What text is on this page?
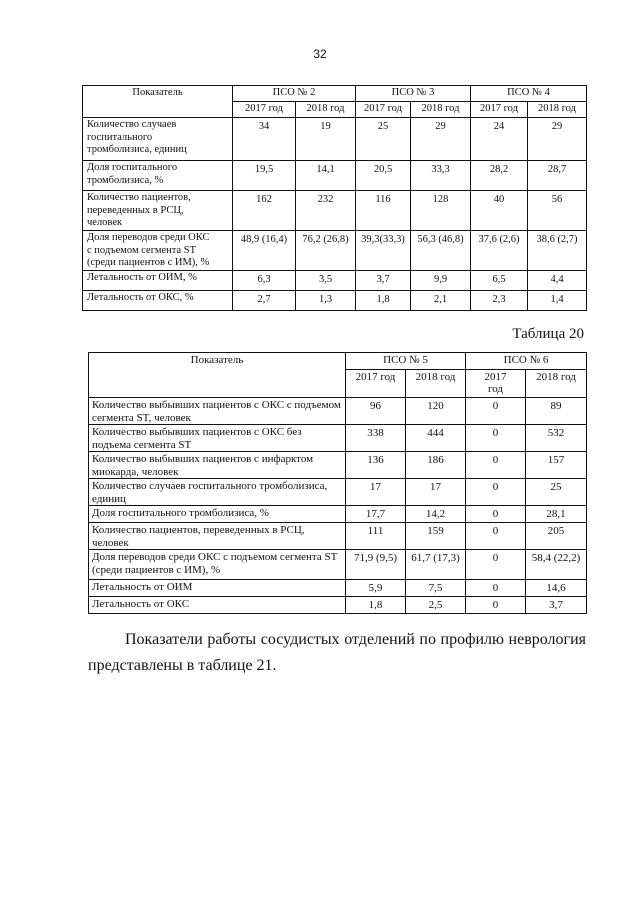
32
Показатель	ПСО № 2		ПСО № 3		ПСО № 4	
	2017 год	2018 год	2017 год	2018 год	2017 год	2018 год
Количество случаев госпитального тромболизиса, единиц	34	19	25	29	24	29
Доля госпитального тромболизиса, %	19,5	14,1	20,5	33,3	28,2	28,7
Количество пациентов, переведенных в РСЦ, человек	162	232	116	128	40	56
Доля переводов среди ОКС с подъемом сегмента ST (среди пациентов с ИМ), %	48,9 (16,4)	76,2 (26,8)	39,3(33,3)	56,3 (46,8)	37,6 (2,6)	38,6 (2,7)
Летальность от ОИМ, %	6,3	3,5	3,7	9,9	6,5	4,4
Летальность от ОКС, %	2,7	1,3	1,8	2,1	2,3	1,4
Таблица 20
Показатель	ПСО № 5		ПСО № 6	
	2017 год	2018 год	2017 год	2018 год
Количество выбывших пациентов с ОКС с подъемом сегмента ST, человек	96	120	0	89
Количество выбывших пациентов с ОКС без подъема сегмента ST	338	444	0	532
Количество выбывших пациентов с инфарктом миокарда, человек	136	186	0	157
Количество случаев госпитального тромболизиса, единиц	17	17	0	25
Доля госпитального тромболизиса, %	17,7	14,2	0	28,1
Количество пациентов, переведенных в РСЦ, человек	111	159	0	205
Доля переводов среди ОКС с подъемом сегмента ST (среди пациентов с ИМ), %	71,9 (9,5)	61,7 (17,3)	0	58,4 (22,2)
Летальность от ОИМ	5,9	7,5	0	14,6
Летальность от ОКС	1,8	2,5	0	3,7

Показатели работы сосудистых отделений по профилю неврология представлены в таблице 21.
